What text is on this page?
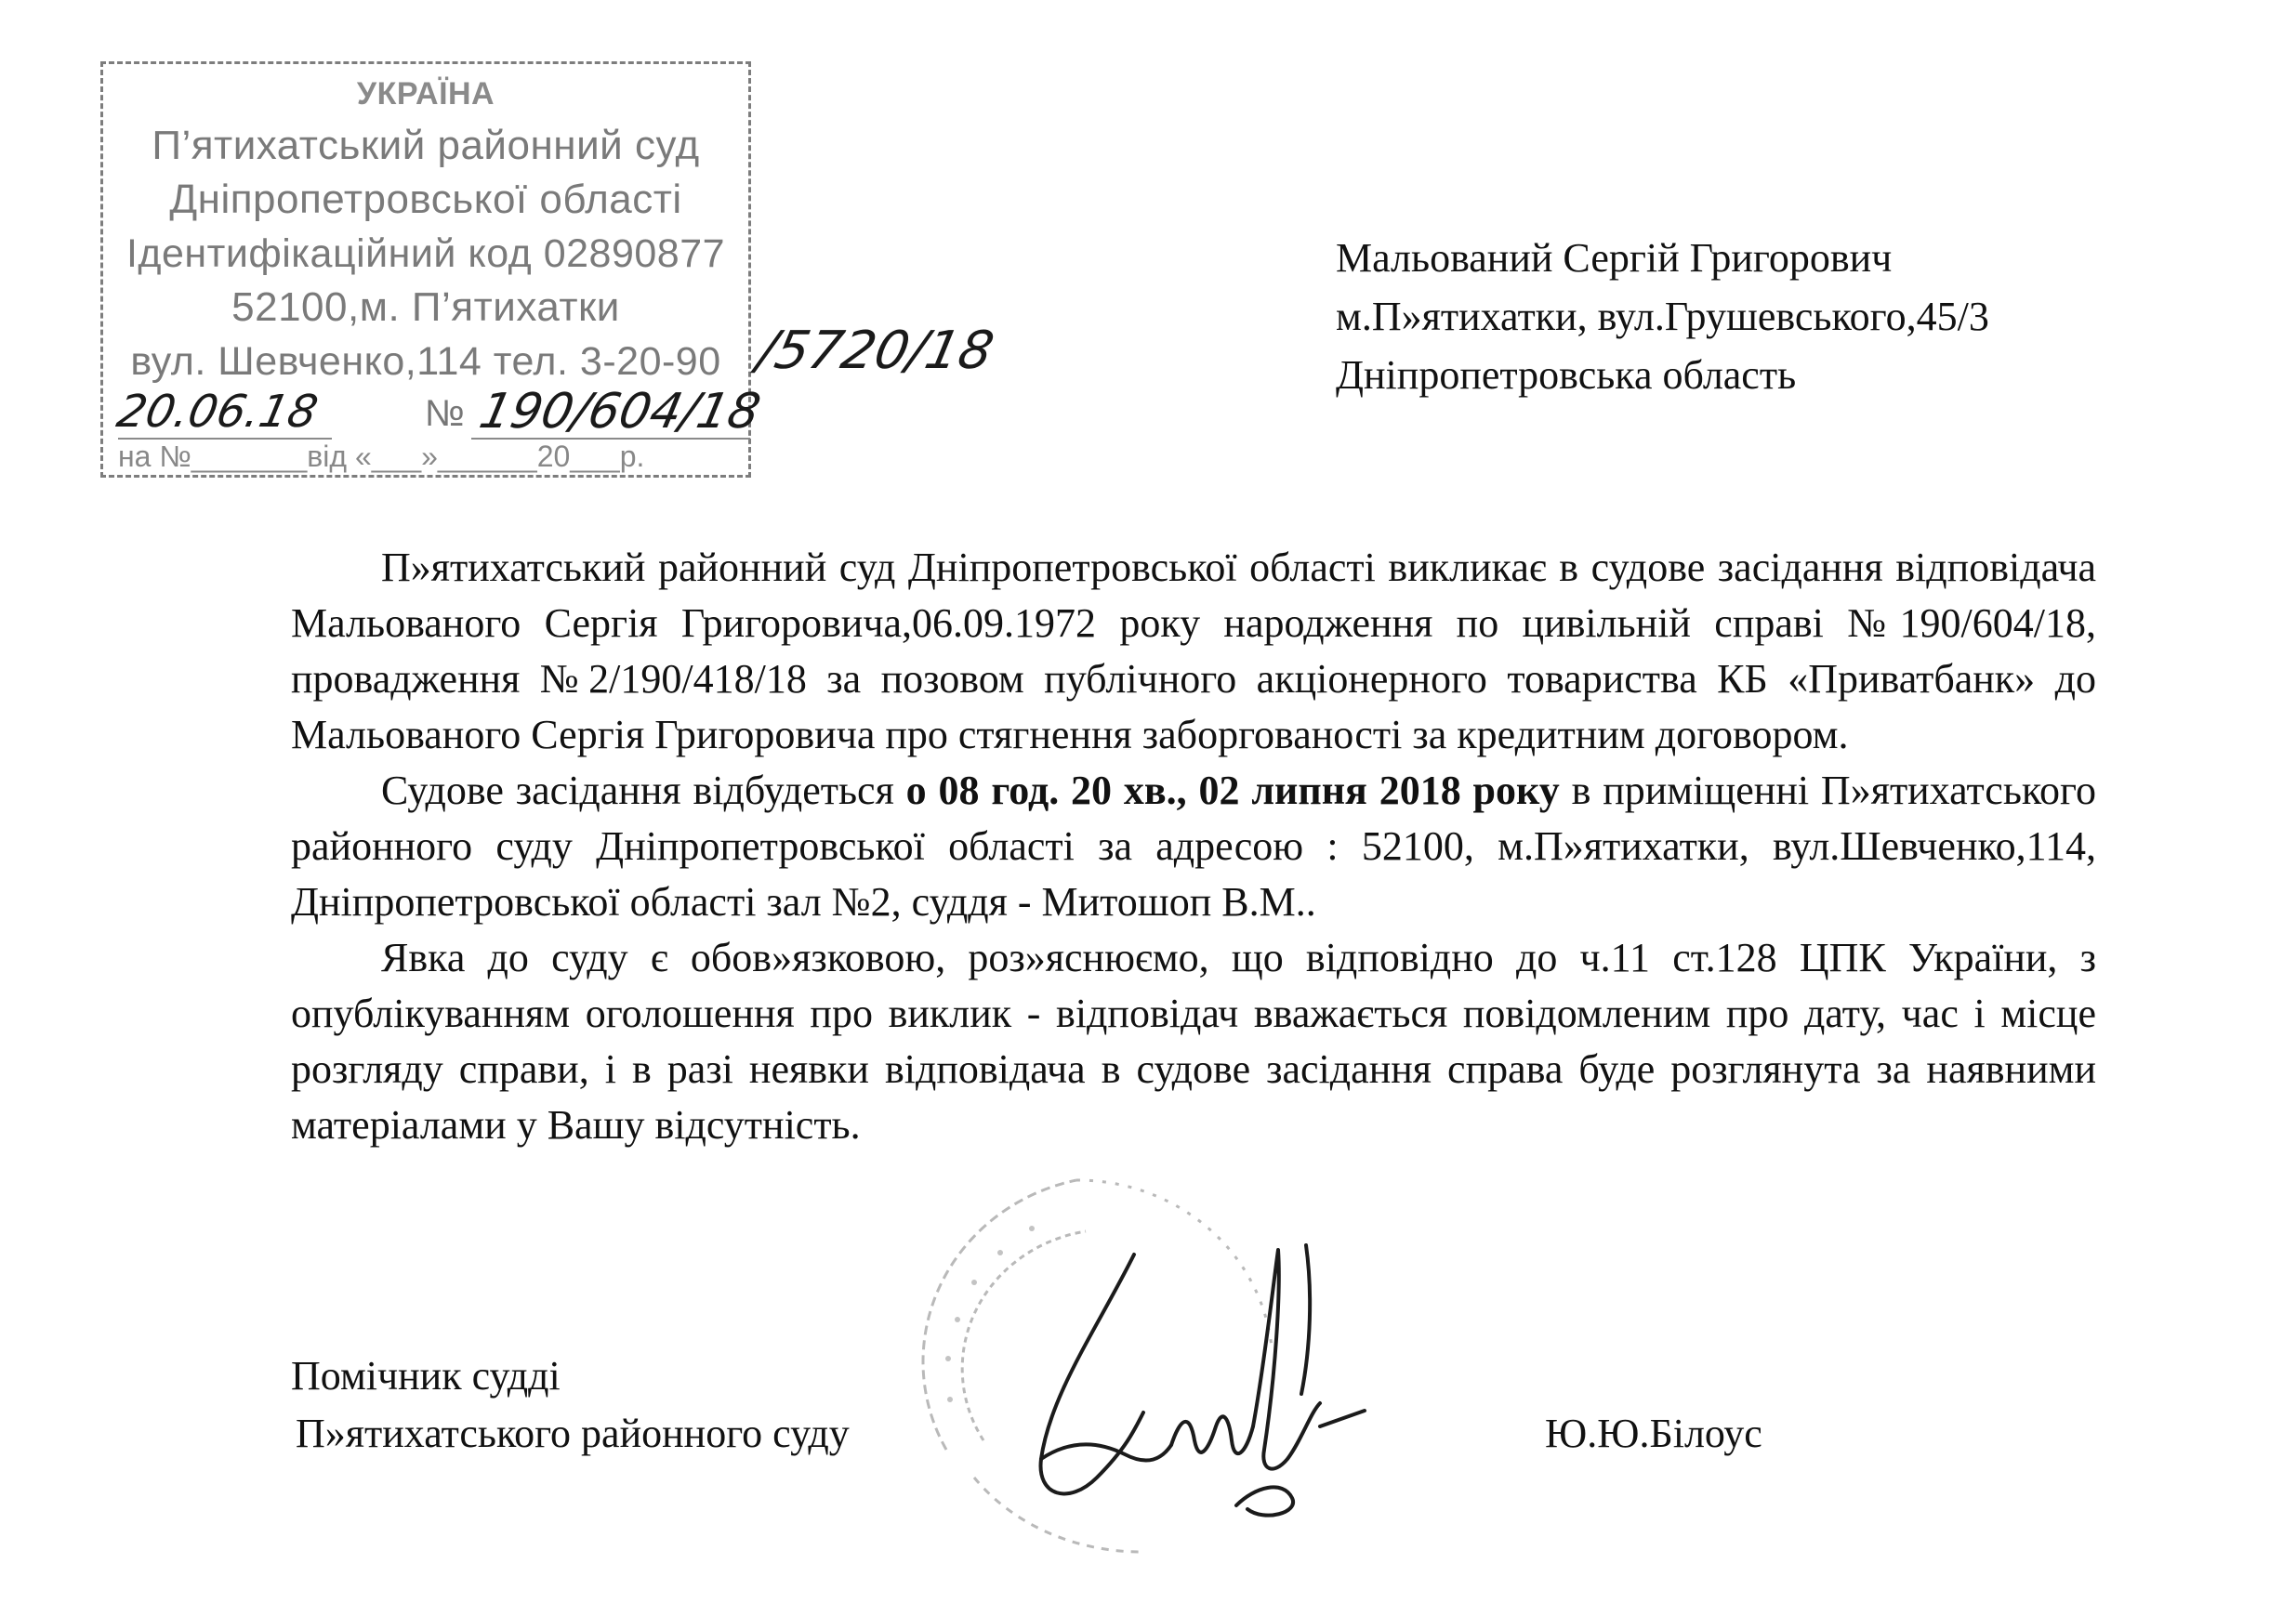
УКРАЇНА
П’ятихатський районний суд
Дніпропетровської області
Ідентифікаційний код 02890877
52100,м. П’ятихатки
вул. Шевченко,114 тел. 3-20-90
20.06.18	№ 190/604/18
на №_______від «___»______20___р.
/5720/18
Мальований Сергій Григорович
м.П»ятихатки, вул.Грушевського,45/3
Дніпропетровська область

П»ятихатський районний суд Дніпропетровської області викликає в судове засідання відповідача Мальованого Сергія Григоровича,06.09.1972 року народження по цивільній справі №190/604/18, провадження №2/190/418/18 за позовом публічного акціонерного товариства КБ «Приватбанк» до Мальованого Сергія Григоровича про стягнення заборгованості за кредитним договором.

Судове засідання відбудеться о 08 год. 20 хв., 02 липня 2018 року в приміщенні П»ятихатського районного суду Дніпропетровської області за адресою : 52100, м.П»ятихатки, вул.Шевченко,114, Дніпропетровської області зал №2, суддя - Митошоп В.М..

Явка до суду є обов»язковою, роз»яснюємо, що відповідно до ч.11 ст.128 ЦПК України, з опублікуванням оголошення про виклик - відповідач вважається повідомленим про дату, час і місце розгляду справи, і в разі неявки відповідача в судове засідання справа буде розглянута за наявними матеріалами у Вашу відсутність.

Помічник судді
П»ятихатського районного суду	Ю.Ю.Білоус
